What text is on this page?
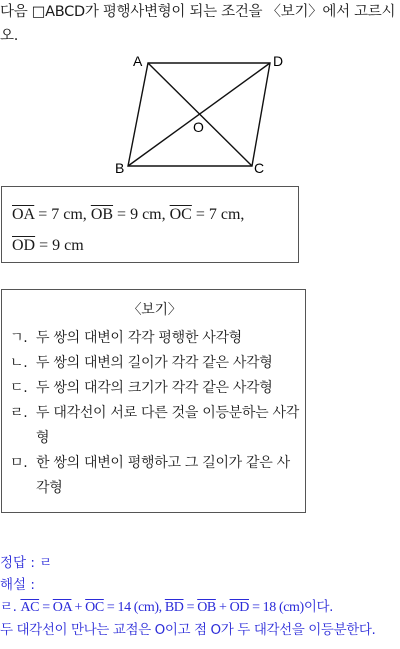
다음 □ABCD가 평행사변형이 되는 조건을 〈보기〉에서 고르시
오.
A	D
B	C
O
$\overline{OA} = 7$ cm, $\overline{OB} = 9$ cm, $\overline{OC} = 7$ cm,
$\overline{OD} = 9$ cm
〈보기〉
ㄱ. 두 쌍의 대변이 각각 평행한 사각형
ㄴ. 두 쌍의 대변의 길이가 각각 같은 사각형
ㄷ. 두 쌍의 대각의 크기가 각각 같은 사각형
ㄹ. 두 대각선이 서로 다른 것을 이등분하는 사각형
ㅁ. 한 쌍의 대변이 평행하고 그 길이가 같은 사각형
정답 : ㄹ
해설 :
ㄹ. $\overline{AC} = \overline{OA} + \overline{OC} = 14$ (cm), $\overline{BD} = \overline{OB} + \overline{OD} = 18$ (cm)이다.
두 대각선이 만나는 교점은 O이고 점 O가 두 대각선을 이등분한다.
